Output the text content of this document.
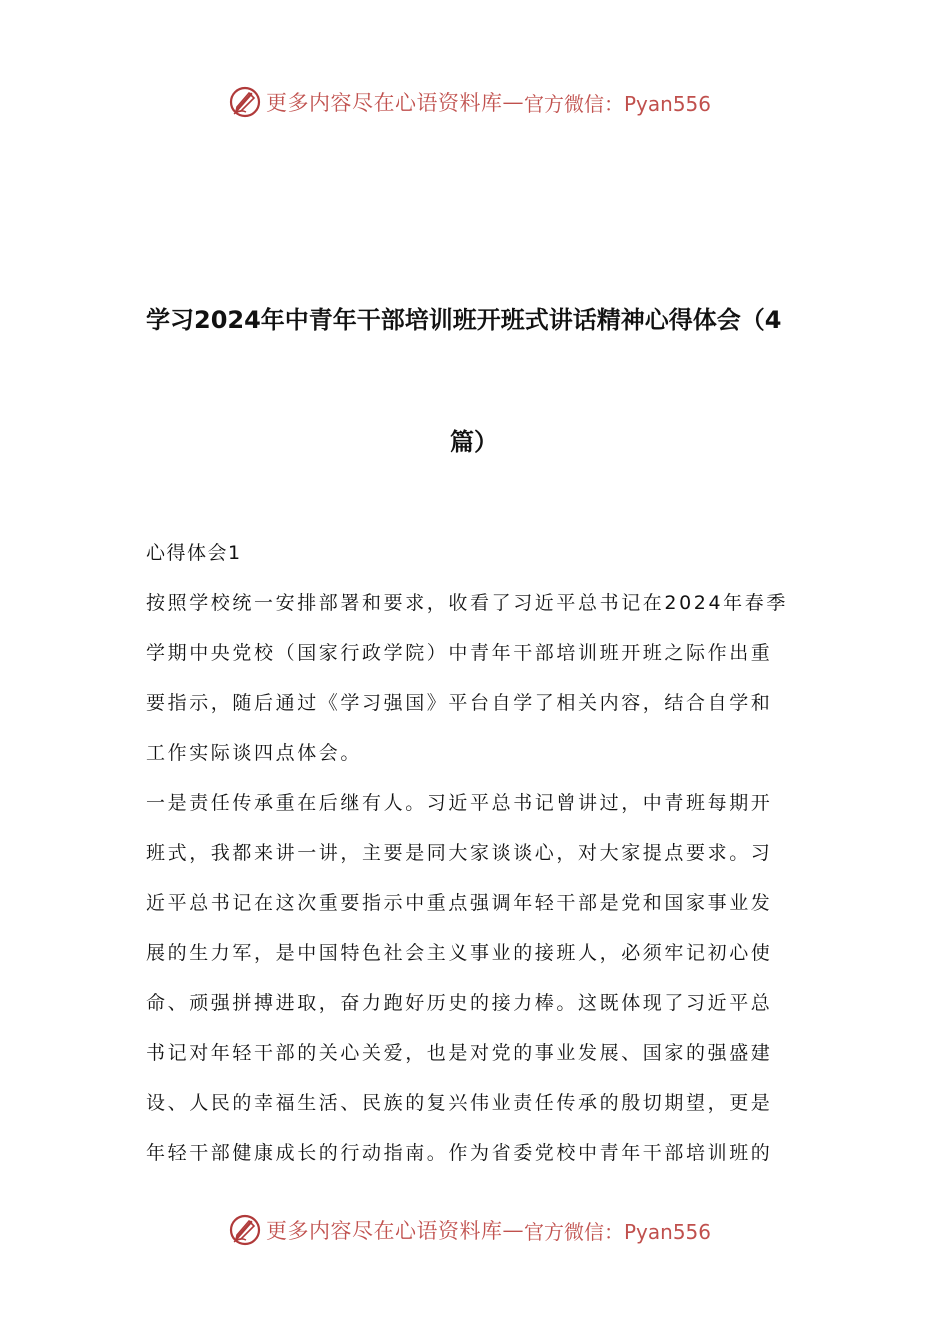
更多内容尽在心语资料库 — 官方微信：Pyan556
学习2024年中青年干部培训班开班式讲话精神心得体会（4
篇）
心得体会1
按照学校统一安排部署和要求，收看了习近平总书记在2024年春季
学期中央党校（国家行政学院）中青年干部培训班开班之际作出重
要指示，随后通过《学习强国》平台自学了相关内容，结合自学和
工作实际谈四点体会。
一是责任传承重在后继有人。习近平总书记曾讲过，中青班每期开
班式，我都来讲一讲，主要是同大家谈谈心，对大家提点要求。习
近平总书记在这次重要指示中重点强调年轻干部是党和国家事业发
展的生力军，是中国特色社会主义事业的接班人，必须牢记初心使
命、顽强拼搏进取，奋力跑好历史的接力棒。这既体现了习近平总
书记对年轻干部的关心关爱，也是对党的事业发展、国家的强盛建
设、人民的幸福生活、民族的复兴伟业责任传承的殷切期望，更是
年轻干部健康成长的行动指南。作为省委党校中青年干部培训班的
更多内容尽在心语资料库 — 官方微信：Pyan556
